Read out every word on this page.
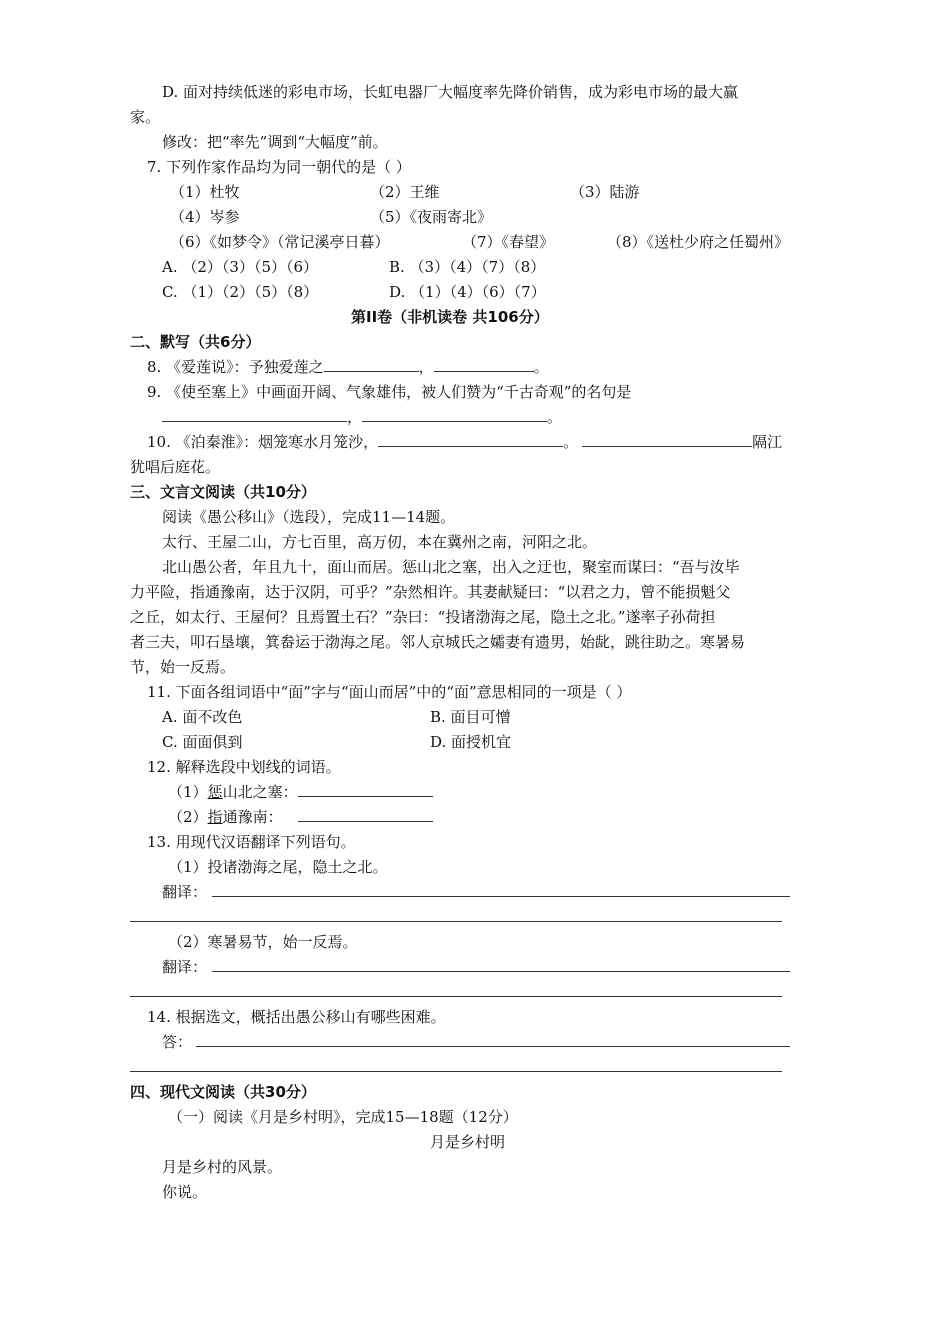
D. 面对持续低迷的彩电市场，长虹电器厂大幅度率先降价销售，成为彩电市场的最大赢
家。
修改：把“率先”调到“大幅度”前。
7. 下列作家作品均为同一朝代的是（ ）
（1）杜牧	（2）王维	（3）陆游
（4）岑参	（5）《夜雨寄北》
（6）《如梦令》（常记溪亭日暮）	（7）《春望》	（8）《送杜少府之任蜀州》
A. （2）（3）（5）（6）	B. （3）（4）（7）（8）
C. （1）（2）（5）（8）	D. （1）（4）（6）（7）
第II卷（非机读卷 共106分）
二、默写（共6分）
8. 《爱莲说》：予独爱莲之	，	。
9. 《使至塞上》中画面开阔、气象雄伟，被人们赞为“千古奇观”的名句是
，	。
10. 《泊秦淮》：烟笼寒水月笼沙，	。	隔江
犹唱后庭花。
三、文言文阅读（共10分）
阅读《愚公移山》（选段），完成11—14题。
太行、王屋二山，方七百里，高万仞，本在冀州之南，河阳之北。
北山愚公者，年且九十，面山而居。惩山北之塞，出入之迂也，聚室而谋曰：“吾与汝毕
力平险，指通豫南，达于汉阴，可乎？”杂然相许。其妻献疑曰：“以君之力，曾不能损魁父
之丘，如太行、王屋何？且焉置土石？”杂曰：“投诸渤海之尾，隐土之北。”遂率子孙荷担
者三夫，叩石垦壤，箕畚运于渤海之尾。邻人京城氏之孀妻有遗男，始龀，跳往助之。寒暑易
节，始一反焉。
11. 下面各组词语中“面”字与“面山而居”中的“面”意思相同的一项是（ ）
A. 面不改色	B. 面目可憎
C. 面面俱到	D. 面授机宜
12. 解释选段中划线的词语。
（1）惩山北之塞：
（2）指通豫南：
13. 用现代汉语翻译下列语句。
（1）投诸渤海之尾，隐土之北。
翻译：
（2）寒暑易节，始一反焉。
翻译：
14. 根据选文，概括出愚公移山有哪些困难。
答：
四、现代文阅读（共30分）
（一）阅读《月是乡村明》，完成15—18题（12分）
月是乡村明
月是乡村的风景。
你说。
